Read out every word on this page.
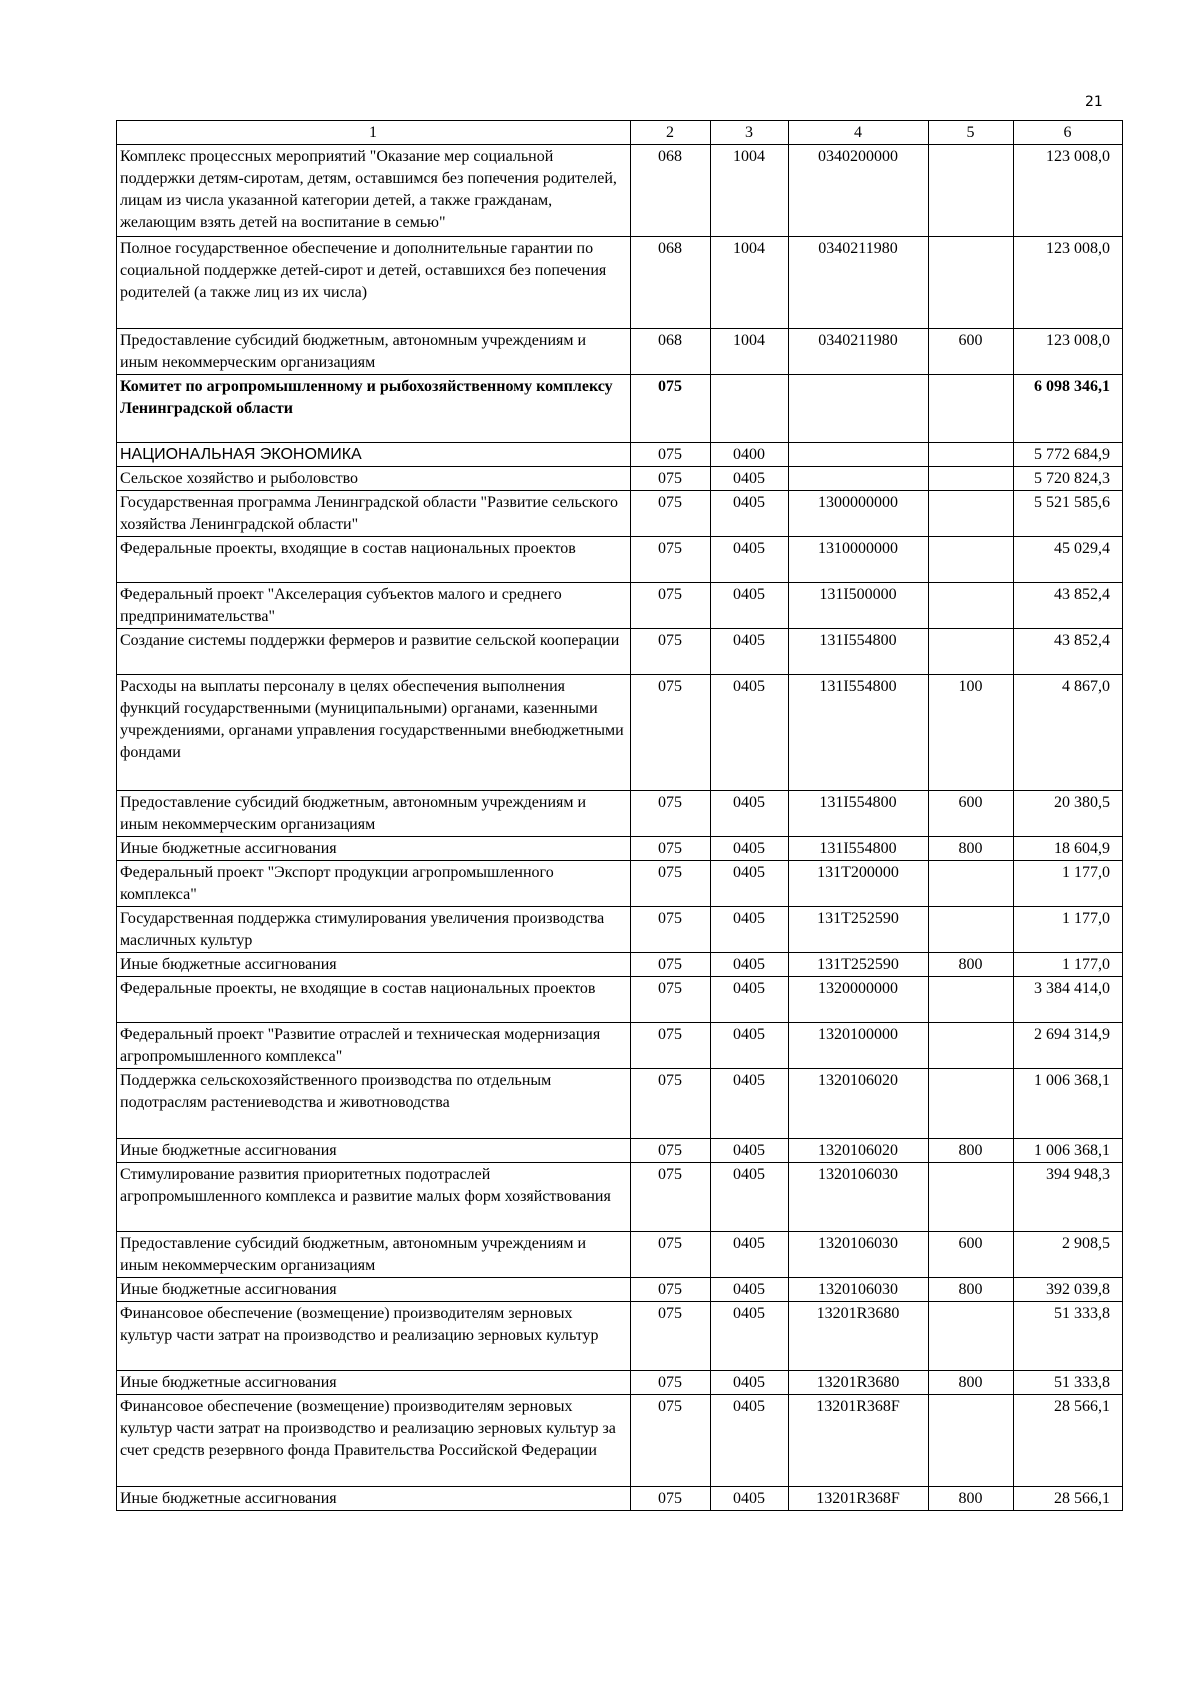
21
1	2	3	4	5	6
Комплекс процессных мероприятий "Оказание мер социальной поддержки детям-сиротам, детям, оставшимся без попечения родителей, лицам из числа указанной категории детей, а также гражданам, желающим взять детей на воспитание в семью"	068	1004	0340200000		123 008,0
Полное государственное обеспечение и дополнительные гарантии по социальной поддержке детей-сирот и детей, оставшихся без попечения родителей (а также лиц из их числа)	068	1004	0340211980		123 008,0
Предоставление субсидий бюджетным, автономным учреждениям и иным некоммерческим организациям	068	1004	0340211980	600	123 008,0
Комитет по агропромышленному и рыбохозяйственному комплексу Ленинградской области	075				6 098 346,1
НАЦИОНАЛЬНАЯ ЭКОНОМИКА	075	0400			5 772 684,9
Сельское хозяйство и рыболовство	075	0405			5 720 824,3
Государственная программа Ленинградской области "Развитие сельского хозяйства Ленинградской области"	075	0405	1300000000		5 521 585,6
Федеральные проекты, входящие в состав национальных проектов	075	0405	1310000000		45 029,4
Федеральный проект "Акселерация субъектов малого и среднего предпринимательства"	075	0405	131I500000		43 852,4
Создание системы поддержки фермеров и развитие сельской кооперации	075	0405	131I554800		43 852,4
Расходы на выплаты персоналу в целях обеспечения выполнения функций государственными (муниципальными) органами, казенными учреждениями, органами управления государственными внебюджетными фондами	075	0405	131I554800	100	4 867,0
Предоставление субсидий бюджетным, автономным учреждениям и иным некоммерческим организациям	075	0405	131I554800	600	20 380,5
Иные бюджетные ассигнования	075	0405	131I554800	800	18 604,9
Федеральный проект "Экспорт продукции агропромышленного комплекса"	075	0405	131T200000		1 177,0
Государственная поддержка стимулирования увеличения производства масличных культур	075	0405	131T252590		1 177,0
Иные бюджетные ассигнования	075	0405	131T252590	800	1 177,0
Федеральные проекты, не входящие в состав национальных проектов	075	0405	1320000000		3 384 414,0
Федеральный проект "Развитие отраслей и техническая модернизация агропромышленного комплекса"	075	0405	1320100000		2 694 314,9
Поддержка сельскохозяйственного производства по отдельным подотраслям растениеводства и животноводства	075	0405	1320106020		1 006 368,1
Иные бюджетные ассигнования	075	0405	1320106020	800	1 006 368,1
Стимулирование развития приоритетных подотраслей агропромышленного комплекса и развитие малых форм хозяйствования	075	0405	1320106030		394 948,3
Предоставление субсидий бюджетным, автономным учреждениям и иным некоммерческим организациям	075	0405	1320106030	600	2 908,5
Иные бюджетные ассигнования	075	0405	1320106030	800	392 039,8
Финансовое обеспечение (возмещение) производителям зерновых культур части затрат на производство и реализацию зерновых культур	075	0405	13201R3680		51 333,8
Иные бюджетные ассигнования	075	0405	13201R3680	800	51 333,8
Финансовое обеспечение (возмещение) производителям зерновых культур части затрат на производство и реализацию зерновых культур за счет средств резервного фонда Правительства Российской Федерации	075	0405	13201R368F		28 566,1
Иные бюджетные ассигнования	075	0405	13201R368F	800	28 566,1
